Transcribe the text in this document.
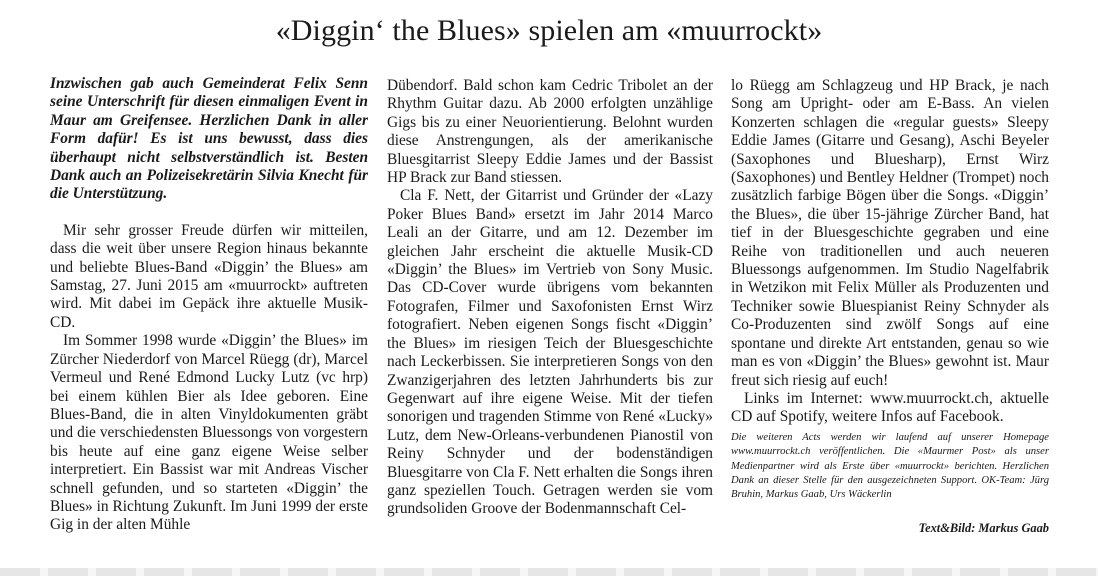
«Diggin‘ the Blues» spielen am «muurrockt»

Inzwischen gab auch Gemeinderat Felix Senn seine Unterschrift für diesen einmaligen Event in Maur am Greifensee. Herzlichen Dank in aller Form dafür! Es ist uns bewusst, dass dies überhaupt nicht selbstverständlich ist. Besten Dank auch an Polizeisekretärin Silvia Knecht für die Unterstützung.

Mir sehr grosser Freude dürfen wir mitteilen, dass die weit über unsere Region hinaus bekannte und beliebte Blues-Band «Diggin’ the Blues» am Samstag, 27. Juni 2015 am «muurrockt» auftreten wird. Mit dabei im Gepäck ihre aktuelle Musik-CD.

Im Sommer 1998 wurde «Diggin’ the Blues» im Zürcher Niederdorf von Marcel Rüegg (dr), Marcel Vermeul und René Edmond Lucky Lutz (vc hrp) bei einem kühlen Bier als Idee geboren. Eine Blues-Band, die in alten Vinyldokumenten gräbt und die verschiedensten Bluessongs von vorgestern bis heute auf eine ganz eigene Weise selber interpretiert. Ein Bassist war mit Andreas Vischer schnell gefunden, und so starteten «Diggin’ the Blues» in Richtung Zukunft. Im Juni 1999 der erste Gig in der alten Mühle

Dübendorf. Bald schon kam Cedric Tribolet an der Rhythm Guitar dazu. Ab 2000 erfolgten unzählige Gigs bis zu einer Neuorientierung. Belohnt wurden diese Anstrengungen, als der amerikanische Bluesgitarrist Sleepy Eddie James und der Bassist HP Brack zur Band stiessen.

Cla F. Nett, der Gitarrist und Gründer der «Lazy Poker Blues Band» ersetzt im Jahr 2014 Marco Leali an der Gitarre, und am 12. Dezember im gleichen Jahr erscheint die aktuelle Musik-CD «Diggin’ the Blues» im Vertrieb von Sony Music. Das CD-Cover wurde übrigens vom bekannten Fotografen, Filmer und Saxofonisten Ernst Wirz fotografiert. Neben eigenen Songs fischt «Diggin’ the Blues» im riesigen Teich der Bluesgeschichte nach Leckerbissen. Sie interpretieren Songs von den Zwanzigerjahren des letzten Jahrhunderts bis zur Gegenwart auf ihre eigene Weise. Mit der tiefen sonorigen und tragenden Stimme von René «Lucky» Lutz, dem New-Orleans-verbundenen Pianostil von Reiny Schnyder und der bodenständigen Bluesgitarre von Cla F. Nett erhalten die Songs ihren ganz speziellen Touch. Getragen werden sie vom grundsoliden Groove der Bodenmannschaft Cel-

lo Rüegg am Schlagzeug und HP Brack, je nach Song am Upright- oder am E-Bass. An vielen Konzerten schlagen die «regular guests» Sleepy Eddie James (Gitarre und Gesang), Aschi Beyeler (Saxophones und Bluesharp), Ernst Wirz (Saxophones) und Bentley Heldner (Trompet) noch zusätzlich farbige Bögen über die Songs. «Diggin’ the Blues», die über 15-jährige Zürcher Band, hat tief in der Bluesgeschichte gegraben und eine Reihe von traditionellen und auch neueren Bluessongs aufgenommen. Im Studio Nagelfabrik in Wetzikon mit Felix Müller als Produzenten und Techniker sowie Bluespianist Reiny Schnyder als Co-Produzenten sind zwölf Songs auf eine spontane und direkte Art entstanden, genau so wie man es von «Diggin’ the Blues» gewohnt ist. Maur freut sich riesig auf euch!

Links im Internet: www.muurrockt.ch, aktuelle CD auf Spotify, weitere Infos auf Facebook.

Die weiteren Acts werden wir laufend auf unserer Homepage www.muurrockt.ch veröffentlichen. Die «Maurmer Post» als unser Medienpartner wird als Erste über «muurrockt» berichten. Herzlichen Dank an dieser Stelle für den ausgezeichneten Support. OK-Team: Jürg Bruhin, Markus Gaab, Urs Wäckerlin

Text&Bild: Markus Gaab
